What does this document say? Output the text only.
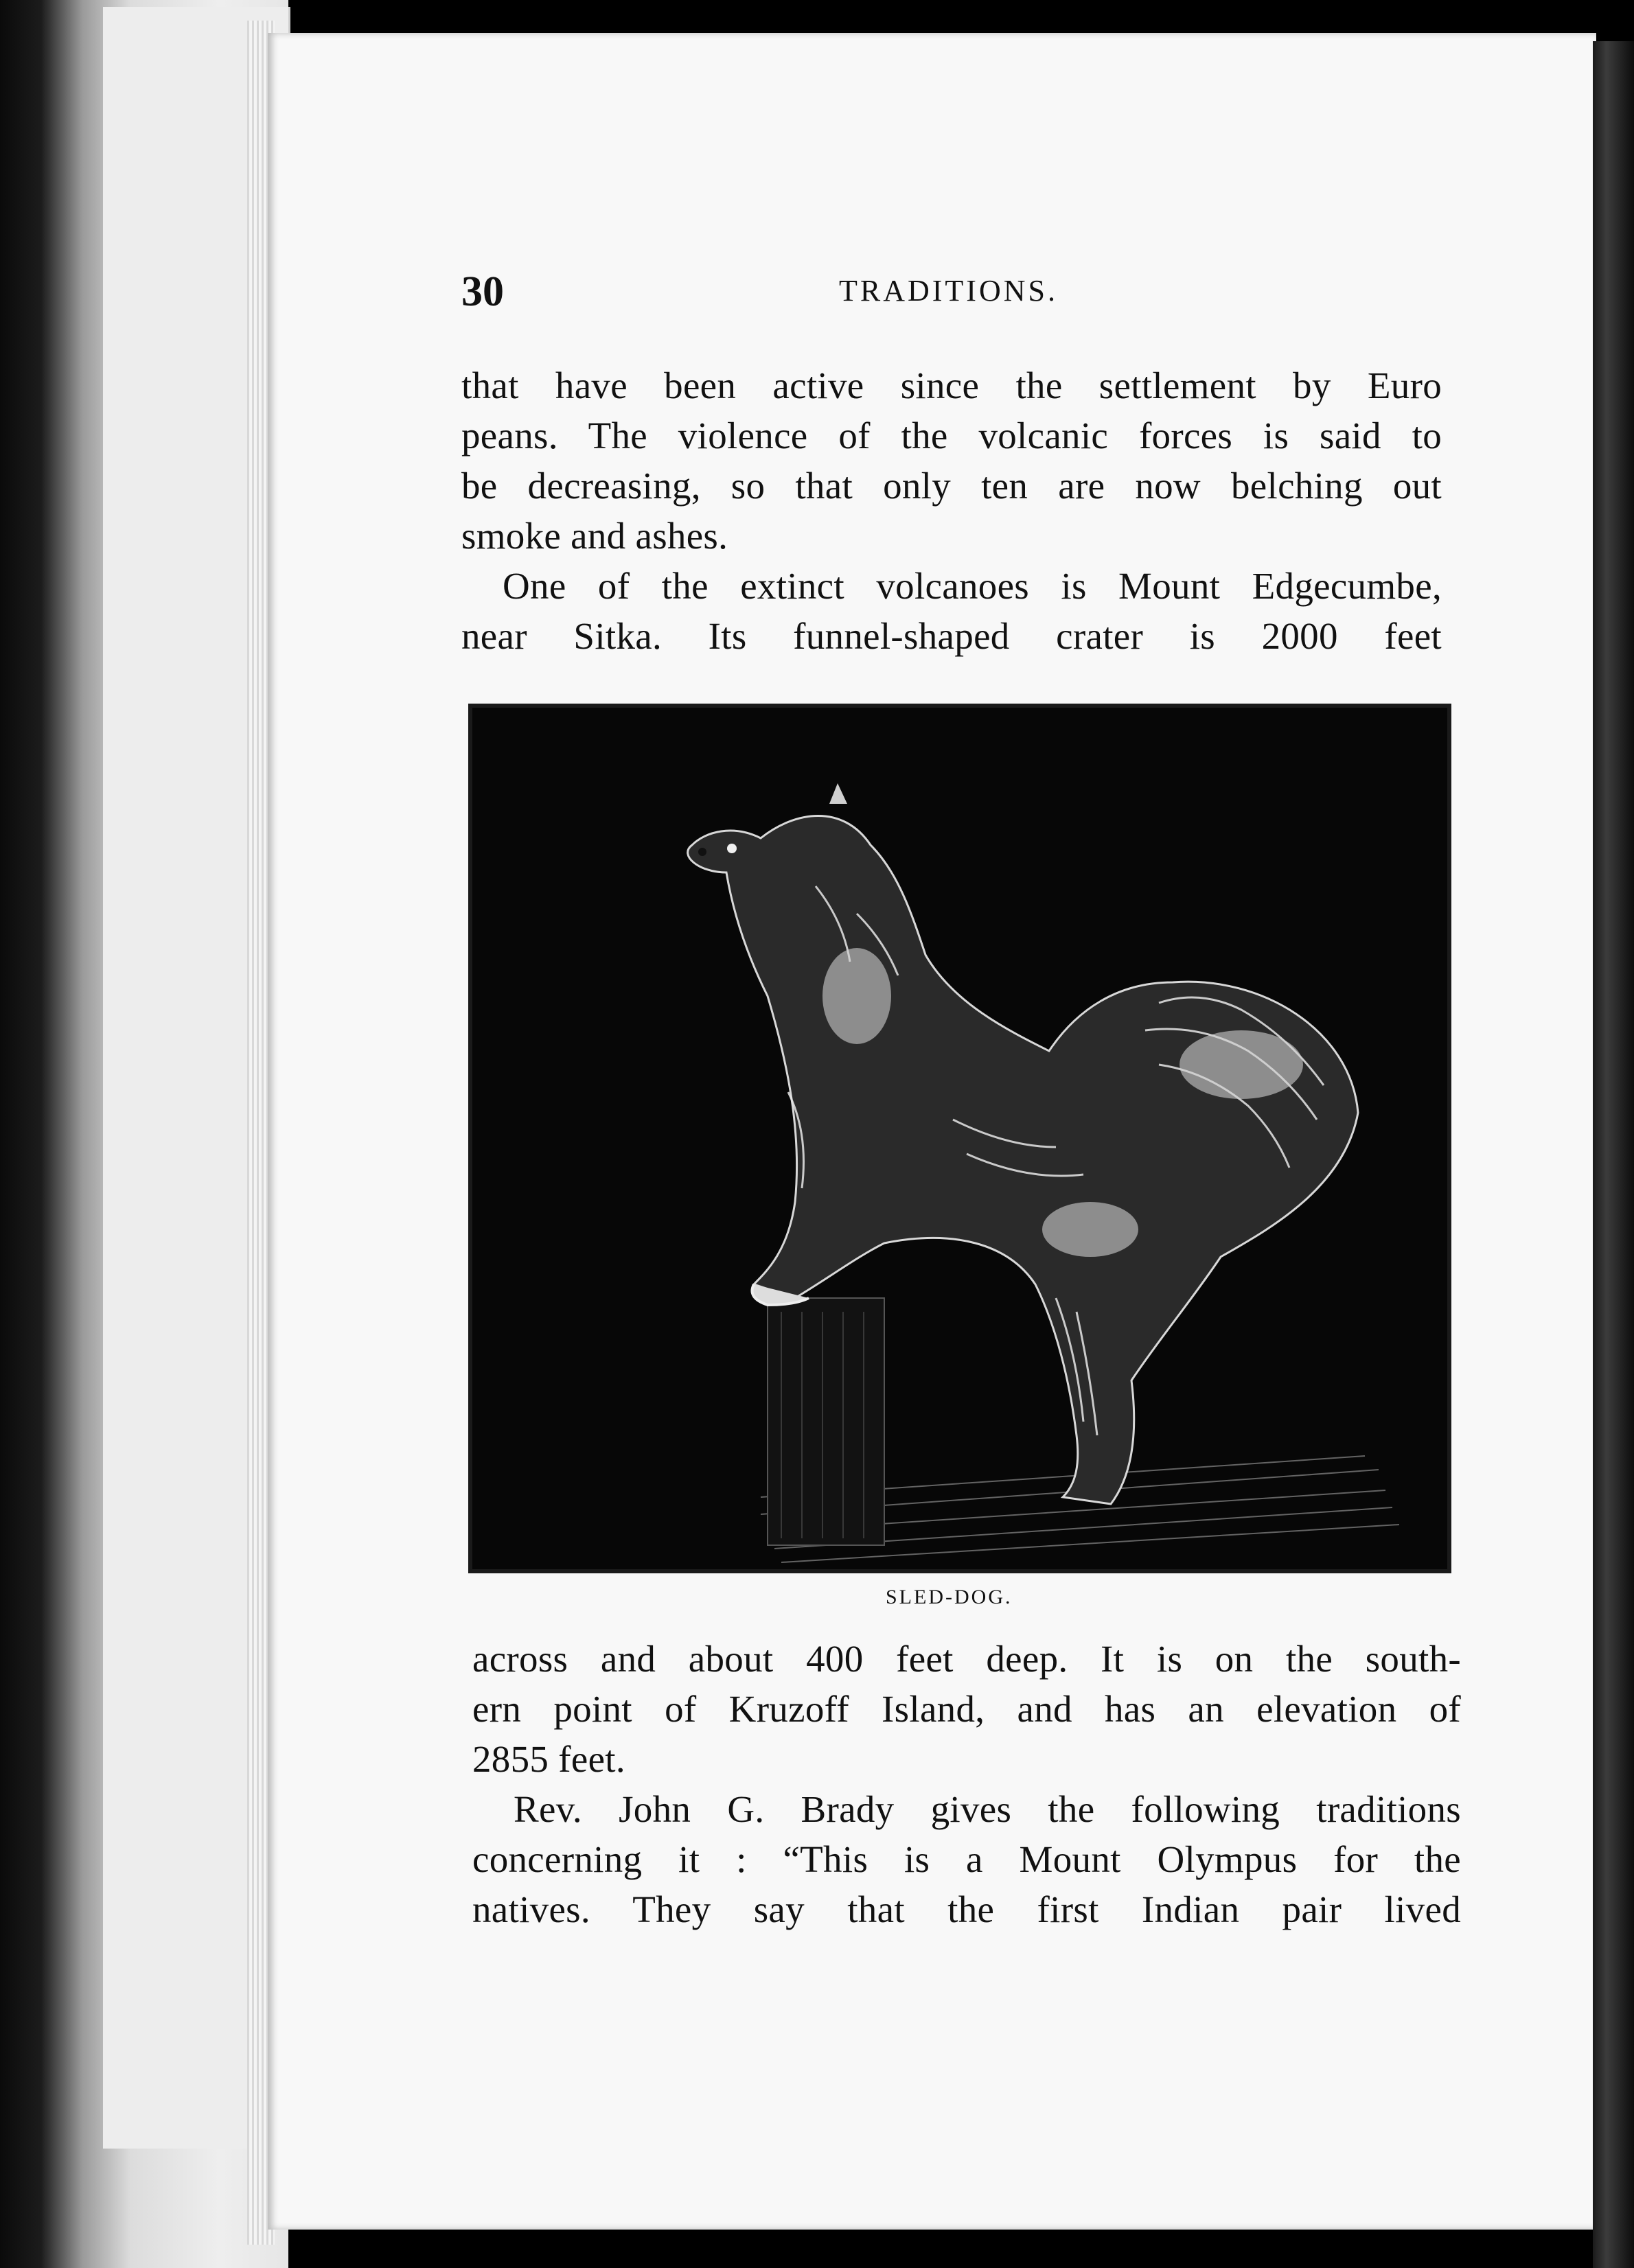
30	TRADITIONS.
that have been active since the settlement by Euro
peans. The violence of the volcanic forces is said to
be decreasing, so that only ten are now belching out
smoke and ashes.
One of the extinct volcanoes is Mount Edgecumbe,
near Sitka. Its funnel-shaped crater is 2000 feet
SLED-DOG.
across and about 400 feet deep. It is on the south-
ern point of Kruzoff Island, and has an elevation of
2855 feet.
Rev. John G. Brady gives the following traditions
concerning it : “This is a Mount Olympus for the
natives. They say that the first Indian pair lived
